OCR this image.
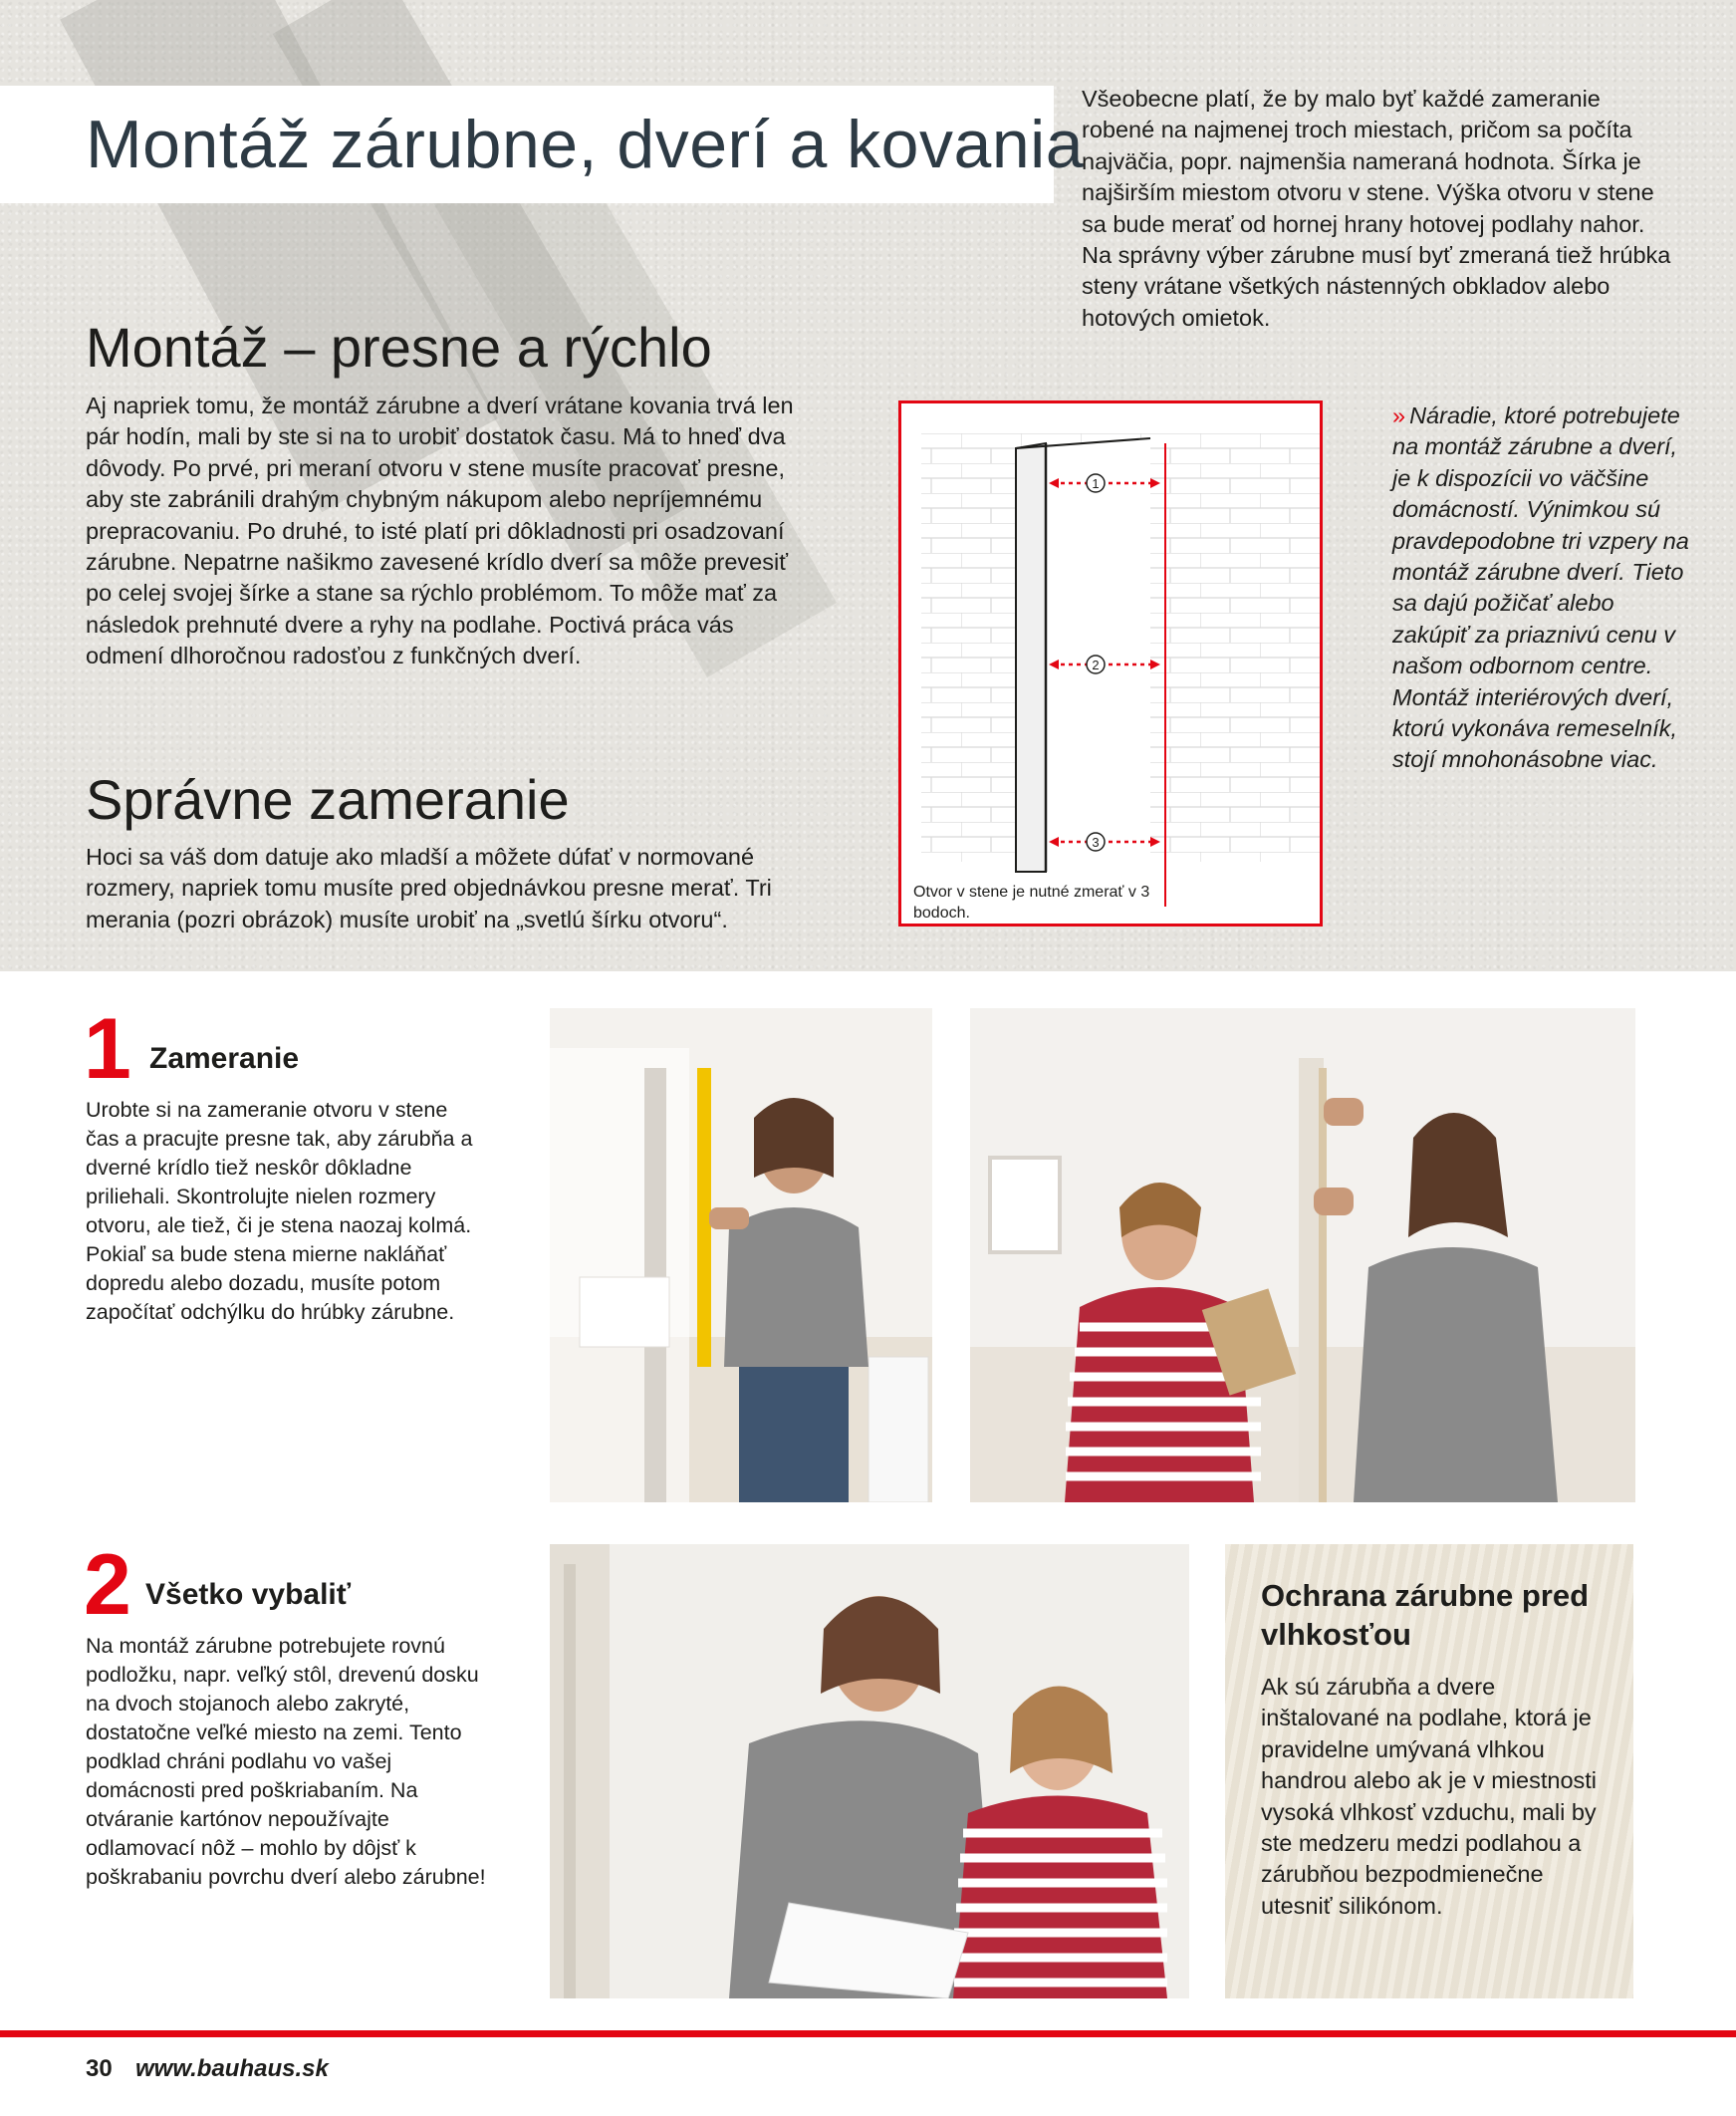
Montáž zárubne, dverí a kovania

Všeobecne platí, že by malo byť každé zameranie robené na najmenej troch miestach, pričom sa počíta najväčia, popr. najmenšia nameraná hodnota. Šírka je najširším miestom otvoru v stene. Výška otvoru v stene sa bude merať od hornej hrany hotovej podlahy nahor. Na správny výber zárubne musí byť zmeraná tiež hrúbka steny vrátane všetkých nástenných obkladov alebo hotových omietok.

Montáž – presne a rýchlo

Aj napriek tomu, že montáž zárubne a dverí vrátane kovania trvá len pár hodín, mali by ste si na to urobiť dostatok času. Má to hneď dva dôvody. Po prvé, pri meraní otvoru v stene musíte pracovať presne, aby ste zabránili drahým chybným nákupom alebo nepríjemnému prepracovaniu. Po druhé, to isté platí pri dôkladnosti pri osadzovaní zárubne. Nepatrne našikmo zavesené krídlo dverí sa môže prevesiť po celej svojej šírke a stane sa rýchlo problémom. To môže mať za následok prehnuté dvere a ryhy na podlahe. Poctivá práca vás odmení dlhoročnou radosťou z funkčných dverí.

Správne zameranie

Hoci sa váš dom datuje ako mladší a môžete dúfať v normované rozmery, napriek tomu musíte pred objednávkou presne merať. Tri merania (pozri obrázok) musíte urobiť na „svetlú šírku otvoru“.

1
2
3

Otvor v stene je nutné zmerať v 3 bodoch.

» Náradie, ktoré potrebujete na montáž zárubne a dverí, je k dispozícii vo väčšine domácností. Výnimkou sú pravdepodobne tri vzpery na montáž zárubne dverí. Tieto sa dajú požičať alebo zakúpiť za priaznivú cenu v našom odbornom centre. Montáž interiérových dverí, ktorú vykonáva remeselník, stojí mnohonásobne viac.

1 Zameranie

Urobte si na zameranie otvoru v stene čas a pracujte presne tak, aby zárubňa a dverné krídlo tiež neskôr dôkladne priliehali. Skontrolujte nielen rozmery otvoru, ale tiež, či je stena naozaj kolmá. Pokiaľ sa bude stena mierne nakláňať dopredu alebo dozadu, musíte potom započítať odchýlku do hrúbky zárubne.

2 Všetko vybaliť

Na montáž zárubne potrebujete rovnú podložku, napr. veľký stôl, drevenú dosku na dvoch stojanoch alebo zakryté, dostatočne veľké miesto na zemi. Tento podklad chráni podlahu vo vašej domácnosti pred poškriabaním. Na otváranie kartónov nepoužívajte odlamovací nôž – mohlo by dôjsť k poškrabaniu povrchu dverí alebo zárubne!

Ochrana zárubne pred vlhkosťou

Ak sú zárubňa a dvere inštalované na podlahe, ktorá je pravidelne umývaná vlhkou handrou alebo ak je v miestnosti vysoká vlhkosť vzduchu, mali by ste medzeru medzi podlahou a zárubňou bezpodmienečne utesniť silikónom.

30 www.bauhaus.sk
